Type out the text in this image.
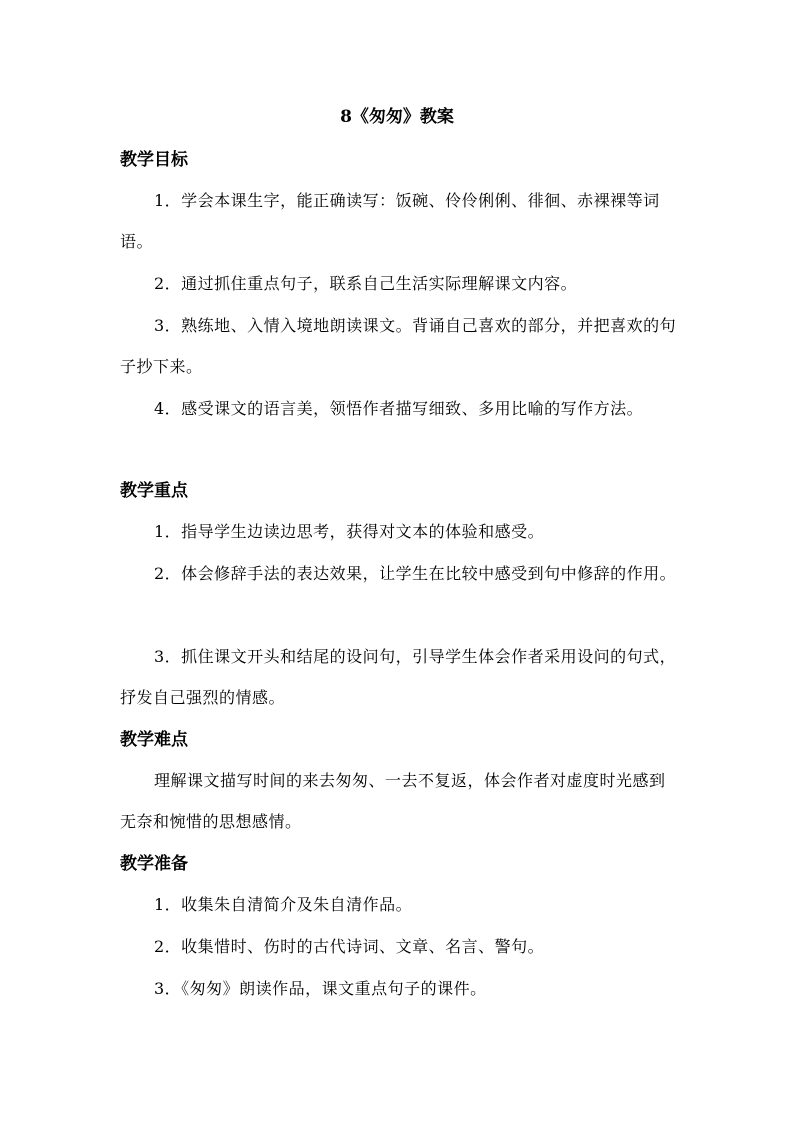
8《匆匆》教案
教学目标
1．学会本课生字，能正确读写：饭碗、伶伶俐俐、徘徊、赤裸裸等词语。
2．通过抓住重点句子，联系自己生活实际理解课文内容。
3．熟练地、入情入境地朗读课文。背诵自己喜欢的部分，并把喜欢的句子抄下来。
4．感受课文的语言美，领悟作者描写细致、多用比喻的写作方法。
教学重点
1．指导学生边读边思考，获得对文本的体验和感受。
2．体会修辞手法的表达效果，让学生在比较中感受到句中修辞的作用。
3．抓住课文开头和结尾的设问句，引导学生体会作者采用设问的句式，抒发自己强烈的情感。
教学难点
理解课文描写时间的来去匆匆、一去不复返，体会作者对虚度时光感到无奈和惋惜的思想感情。
教学准备
1．收集朱自清简介及朱自清作品。
2．收集惜时、伤时的古代诗词、文章、名言、警句。
3．《匆匆》朗读作品，课文重点句子的课件。
